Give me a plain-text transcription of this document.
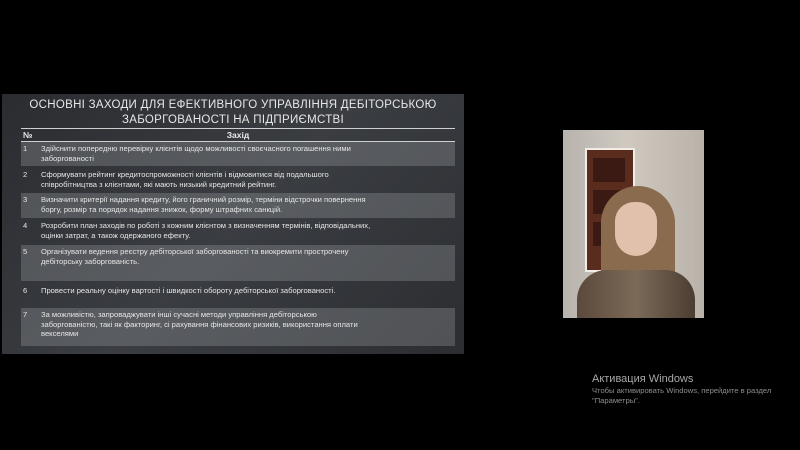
ОСНОВНІ ЗАХОДИ ДЛЯ ЕФЕКТИВНОГО УПРАВЛІННЯ ДЕБІТОРСЬКОЮ
ЗАБОРГОВАНОСТІ НА ПІДПРИЄМСТВІ
№	Захід
1 Здійснити попередню перевірку клієнтів щодо можливості своєчасного погашення ними
заборгованості
2 Сформувати рейтинг кредитоспроможності клієнтів і відмовитися від подальшого
співробітництва з клієнтами, які мають низький кредитний рейтинг.
3 Визначити критерії надання кредиту, його граничний розмір, терміни відстрочки повернення
боргу, розмір та порядок надання знижок, форму штрафних санкцій.
4 Розробити план заходів по роботі з кожним клієнтом з визначенням термінів, відповідальних,
оцінки затрат, а також одержаного ефекту.
5 Організувати ведення реєстру дебіторської заборгованості та виокремити прострочену
дебіторську заборгованість.
6 Провести реальну оцінку вартості і швидкості обороту дебіторської заборгованості.
7 За можливістю, запроваджувати інші сучасні методи управління дебіторською
заборгованістю, такі як факторинг, сі рахування фінансових ризиків, використання оплати
векселями
Активация Windows
Чтобы активировать Windows, перейдите в раздел
"Параметры".
